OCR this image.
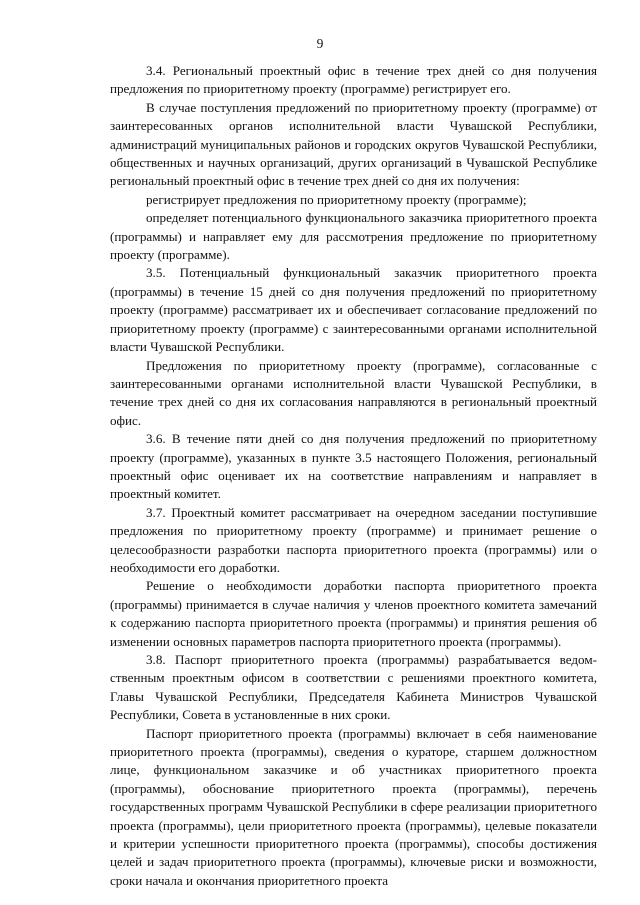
9

3.4. Региональный проектный офис в течение трех дней со дня получения предложения по приоритетному проекту (программе) регистрирует его.

В случае поступления предложений по приоритетному проекту (программе) от заинтересованных органов исполнительной власти Чувашской Республики, администраций муниципальных районов и городских округов Чувашской Республики, общественных и научных организаций, других организаций в Чувашской Республике региональный проектный офис в течение трех дней со дня их получения:

регистрирует предложения по приоритетному проекту (программе);

определяет потенциального функционального заказчика приоритетного проекта (программы) и направляет ему для рассмотрения предложение по приоритетному проекту (программе).

3.5. Потенциальный функциональный заказчик приоритетного проекта (программы) в течение 15 дней со дня получения предложений по приоритетному проекту (программе) рассматривает их и обеспечивает согласование предложений по приоритетному проекту (программе) с заинтересованными органами исполнительной власти Чувашской Республики.

Предложения по приоритетному проекту (программе), согласованные с заинтересованными органами исполнительной власти Чувашской Республики, в течение трех дней со дня их согласования направляются в региональный проектный офис.

3.6. В течение пяти дней со дня получения предложений по приоритетному проекту (программе), указанных в пункте 3.5 настоящего Положения, региональный проектный офис оценивает их на соответствие направлениям и направляет в проектный комитет.

3.7. Проектный комитет рассматривает на очередном заседании поступившие предложения по приоритетному проекту (программе) и принимает решение о целесообразности разработки паспорта приоритетного проекта (программы) или о необходимости его доработки.

Решение о необходимости доработки паспорта приоритетного проекта (программы) принимается в случае наличия у членов проектного комитета замечаний к содержанию паспорта приоритетного проекта (программы) и принятия решения об изменении основных параметров паспорта приоритетного проекта (программы).

3.8. Паспорт приоритетного проекта (программы) разрабатывается ведомственным проектным офисом в соответствии с решениями проектного комитета, Главы Чувашской Республики, Председателя Кабинета Министров Чувашской Республики, Совета в установленные в них сроки.

Паспорт приоритетного проекта (программы) включает в себя наименование приоритетного проекта (программы), сведения о кураторе, старшем должностном лице, функциональном заказчике и об участниках приоритетного проекта (программы), обоснование приоритетного проекта (программы), перечень государственных программ Чувашской Республики в сфере реализации приоритетного проекта (программы), цели приоритетного проекта (программы), целевые показатели и критерии успешности приоритетного проекта (программы), способы достижения целей и задач приоритетного проекта (программы), ключевые риски и возможности, сроки начала и окончания приоритетного проекта
